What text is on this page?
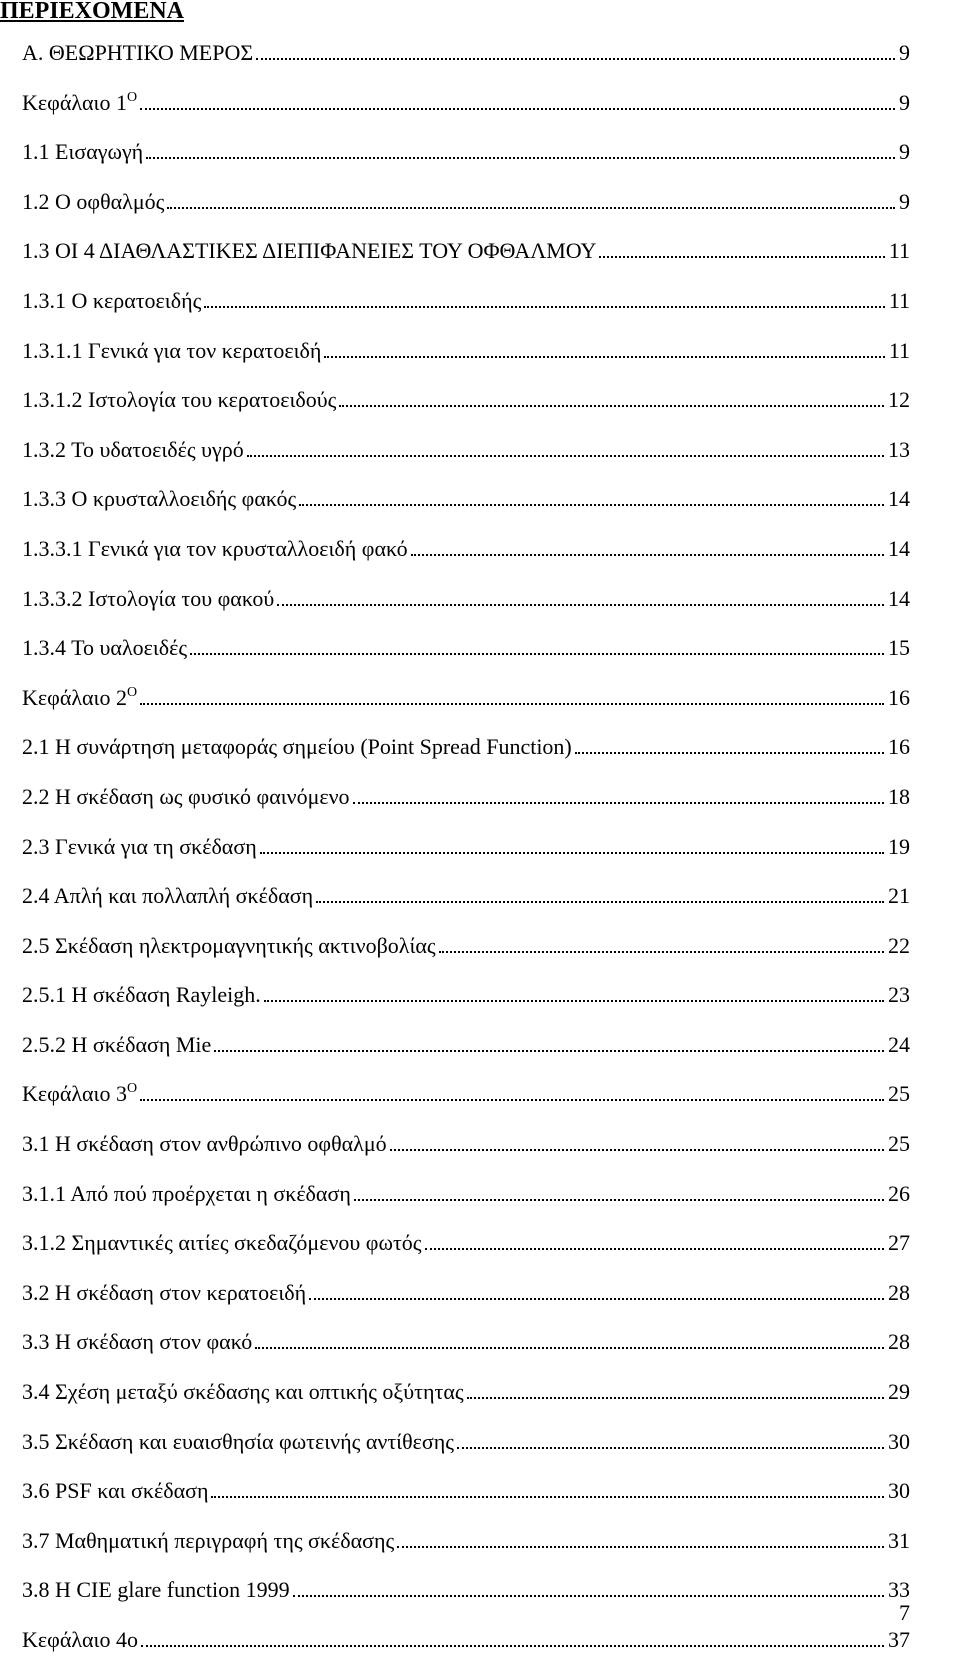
ΠΕΡΙΕΧΟΜΕΝΑ
Α. ΘΕΩΡΗΤΙΚΟ ΜΕΡΟΣ	9
Κεφάλαιο $1^O$	9
1.1 Εισαγωγή	9
1.2 Ο οφθαλμός	9
1.3 ΟΙ 4 ΔΙΑΘΛΑΣΤΙΚΕΣ ΔΙΕΠΙΦΑΝΕΙΕΣ ΤΟΥ ΟΦΘΑΛΜΟΥ	11
1.3.1 Ο κερατοειδής	11
1.3.1.1 Γενικά για τον κερατοειδή	11
1.3.1.2 Ιστολογία του κερατοειδούς	12
1.3.2 Το υδατοειδές υγρό	13
1.3.3 Ο κρυσταλλοειδής φακός	14
1.3.3.1 Γενικά για τον κρυσταλλοειδή φακό	14
1.3.3.2 Ιστολογία του φακού	14
1.3.4 Το υαλοειδές	15
Κεφάλαιο $2^O$	16
2.1 Η συνάρτηση μεταφοράς σημείου (Point Spread Function)	16
2.2 Η σκέδαση ως φυσικό φαινόμενο	18
2.3 Γενικά για τη σκέδαση	19
2.4 Απλή και πολλαπλή σκέδαση	21
2.5 Σκέδαση ηλεκτρομαγνητικής ακτινοβολίας	22
2.5.1 Η σκέδαση Rayleigh.	23
2.5.2 Η σκέδαση Mie	24
Κεφάλαιο $3^O$	25
3.1 Η σκέδαση στον ανθρώπινο οφθαλμό	25
3.1.1 Από πού προέρχεται η σκέδαση	26
3.1.2 Σημαντικές αιτίες σκεδαζόμενου φωτός	27
3.2 Η σκέδαση στον κερατοειδή	28
3.3 Η σκέδαση στον φακό	28
3.4 Σχέση μεταξύ σκέδασης και οπτικής οξύτητας	29
3.5 Σκέδαση και ευαισθησία φωτεινής αντίθεσης	30
3.6 PSF και σκέδαση	30
3.7 Μαθηματική περιγραφή της σκέδασης	31
3.8 Η CIE glare function 1999	33
Κεφάλαιο 4ο	37
7
